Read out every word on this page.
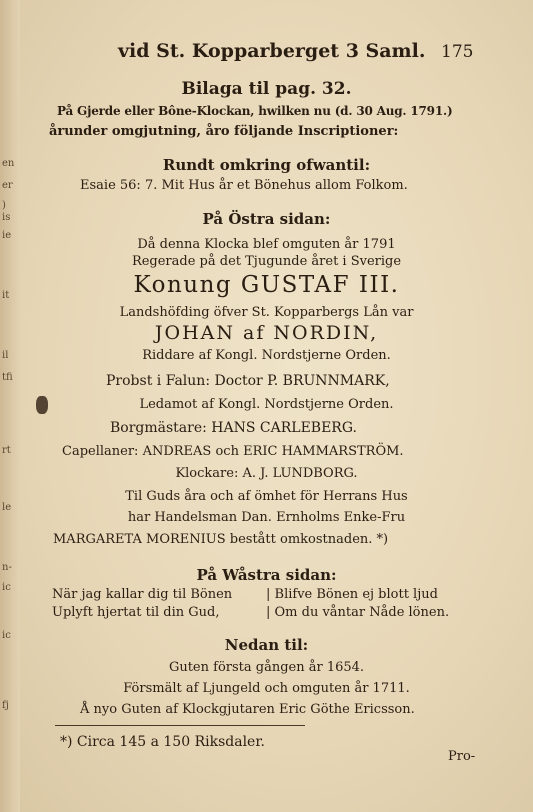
en
er
)
is
ie
it
il
tfi
rt
le
n-
ic
ic
fj
vid St. Kopparberget 3 Saml. 175
Bilaga til pag. 32.
På Gjerde eller Bône-Klockan, hwilken nu (d. 30 Aug. 1791.)
årunder omgjutning, åro följande Inscriptioner:
Rundt omkring ofwantil:
Esaie 56: 7. Mit Hus år et Bönehus allom Folkom.
På Östra sidan:
Då denna Klocka blef omguten år 1791
Regerade på det Tjugunde året i Sverige
Konung GUSTAF III.
Landshöfding öfver St. Kopparbergs Lån var
JOHAN af NORDIN,
Riddare af Kongl. Nordstjerne Orden.
Probst i Falun: Doctor P. BRUNNMARK,
Ledamot af Kongl. Nordstjerne Orden.
Borgmästare: HANS CARLEBERG.
Capellaner: ANDREAS och ERIC HAMMARSTRÖM.
Klockare: A. J. LUNDBORG.
Til Guds åra och af ömhet för Herrans Hus
har Handelsman Dan. Ernholms Enke-Fru
MARGARETA MORENIUS bestått omkostnaden. *)
På Wåstra sidan:
När jag kallar dig til Bönen
Uplyft hjertat til din Gud,
| Blifve Bönen ej blott ljud
| Om du våntar Nåde lönen.
Nedan til:
Guten första gången år 1654.
Försmält af Ljungeld och omguten år 1711.
Å nyo Guten af Klockgjutaren Eric Göthe Ericsson.
*) Circa 145 a 150 Riksdaler.
Pro-
